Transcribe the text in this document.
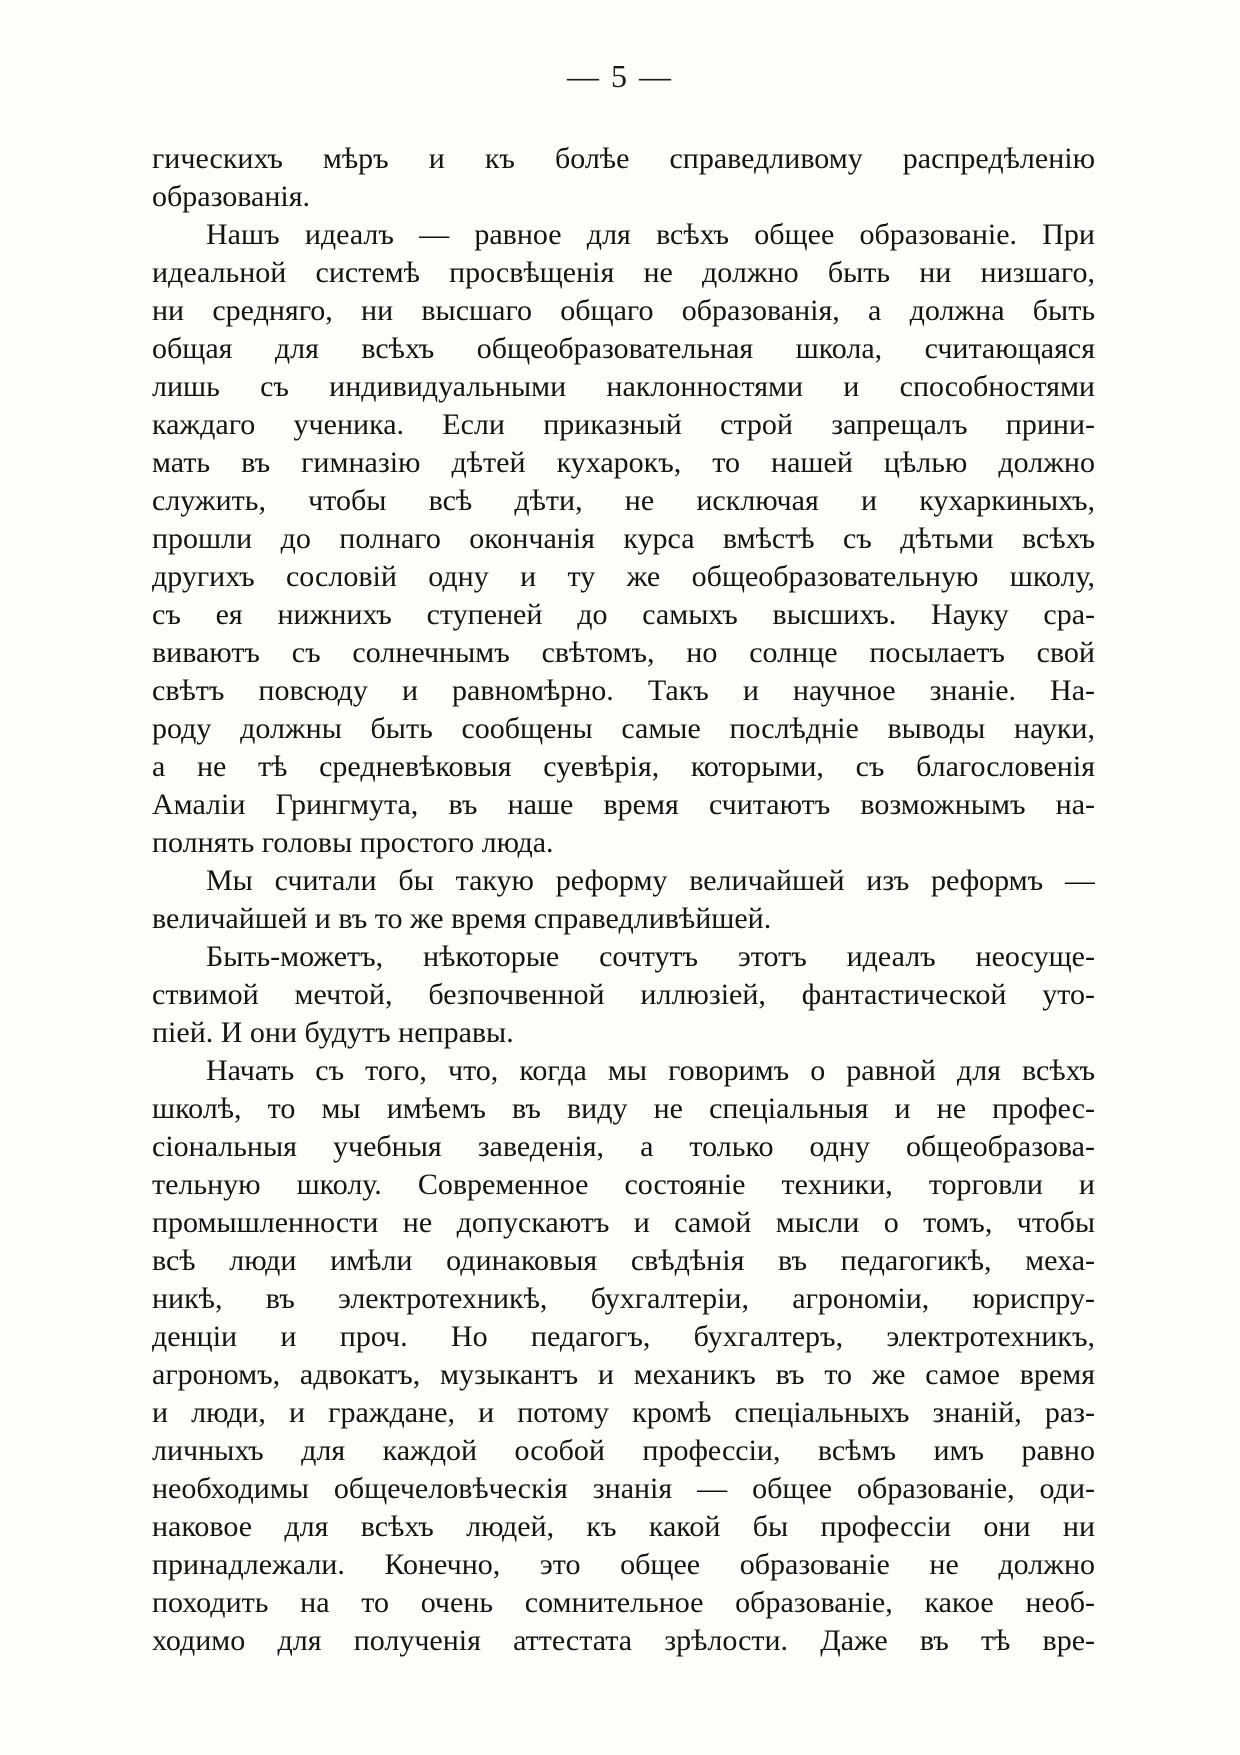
— 5 —
гическихъ мѣръ и къ болѣе справедливому распредѣленію
образованія.
Нашъ идеалъ — равное для всѣхъ общее образованіе. При
идеальной системѣ просвѣщенія не должно быть ни низшаго,
ни средняго, ни высшаго общаго образованія, а должна быть
общая для всѣхъ общеобразовательная школа, считающаяся
лишь съ индивидуальными наклонностями и способностями
каждаго ученика. Если приказный строй запрещалъ прини-
мать въ гимназію дѣтей кухарокъ, то нашей цѣлью должно
служить, чтобы всѣ дѣти, не исключая и кухаркиныхъ,
прошли до полнаго окончанія курса вмѣстѣ съ дѣтьми всѣхъ
другихъ сословій одну и ту же общеобразовательную школу,
съ ея нижнихъ ступеней до самыхъ высшихъ. Науку сра-
виваютъ съ солнечнымъ свѣтомъ, но солнце посылаетъ свой
свѣтъ повсюду и равномѣрно. Такъ и научное знаніе. На-
роду должны быть сообщены самые послѣдніе выводы науки,
а не тѣ средневѣковыя суевѣрія, которыми, съ благословенія
Амаліи Грингмута, въ наше время считаютъ возможнымъ на-
полнять головы простого люда.
Мы считали бы такую реформу величайшей изъ реформъ —
величайшей и въ то же время справедливѣйшей.
Быть-можетъ, нѣкоторые сочтутъ этотъ идеалъ неосуще-
ствимой мечтой, безпочвенной иллюзіей, фантастической уто-
піей. И они будутъ неправы.
Начать съ того, что, когда мы говоримъ о равной для всѣхъ
школѣ, то мы имѣемъ въ виду не спеціальныя и не профес-
сіональныя учебныя заведенія, а только одну общеобразова-
тельную школу. Современное состояніе техники, торговли и
промышленности не допускаютъ и самой мысли о томъ, чтобы
всѣ люди имѣли одинаковыя свѣдѣнія въ педагогикѣ, меха-
никѣ, въ электротехникѣ, бухгалтеріи, агрономіи, юриспру-
денціи и проч. Но педагогъ, бухгалтеръ, электротехникъ,
агрономъ, адвокатъ, музыкантъ и механикъ въ то же самое время
и люди, и граждане, и потому кромѣ спеціальныхъ знаній, раз-
личныхъ для каждой особой профессіи, всѣмъ имъ равно
необходимы общечеловѣческія знанія — общее образованіе, оди-
наковое для всѣхъ людей, къ какой бы профессіи они ни
принадлежали. Конечно, это общее образованіе не должно
походить на то очень сомнительное образованіе, какое необ-
ходимо для полученія аттестата зрѣлости. Даже въ тѣ вре-
